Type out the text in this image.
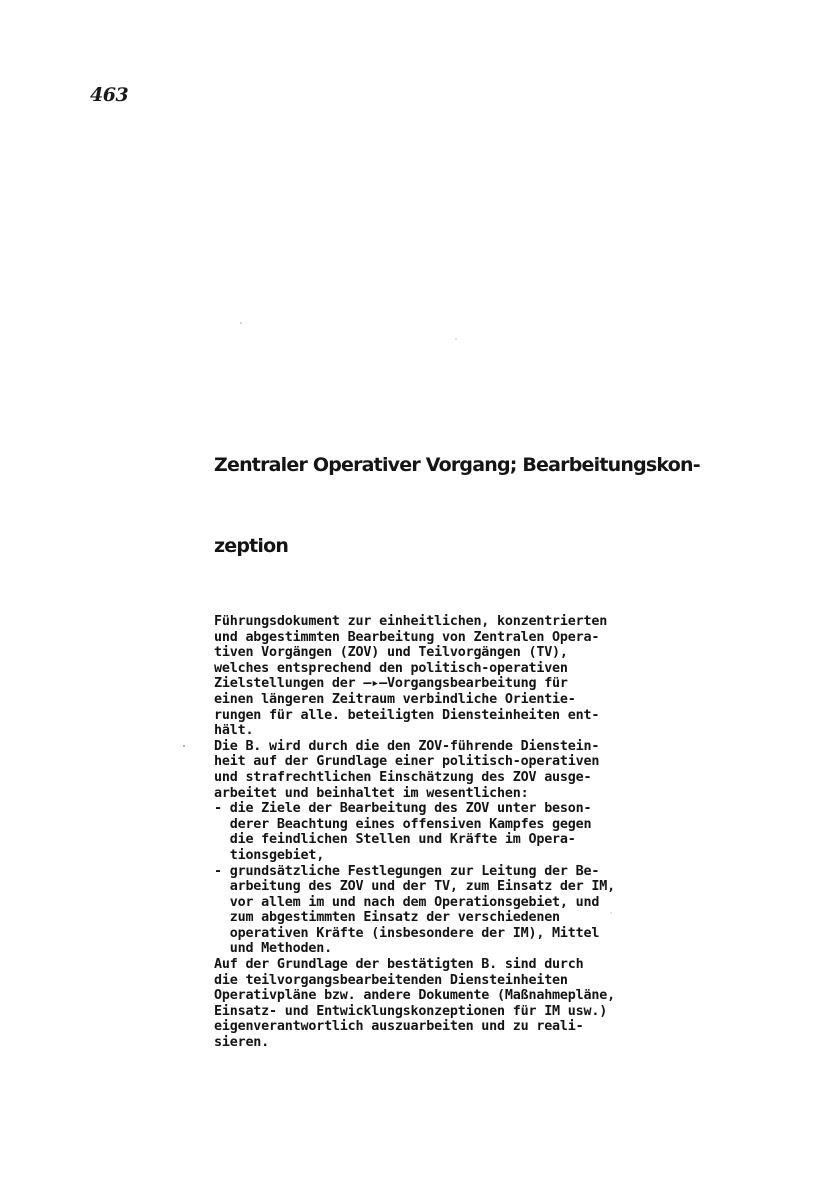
463

Zentraler Operativer Vorgang; Bearbeitungskon-

zeption

Führungsdokument zur einheitlichen, konzentrierten
und abgestimmten Bearbeitung von Zentralen Opera-
tiven Vorgängen (ZOV) und Teilvorgängen (TV),
welches entsprechend den politisch-operativen
Zielstellungen der —▸—Vorgangsbearbeitung für
einen längeren Zeitraum verbindliche Orientie-
rungen für alle. beteiligten Diensteinheiten ent-
hält.
Die B. wird durch die den ZOV-führende Dienstein-
heit auf der Grundlage einer politisch-operativen
und strafrechtlichen Einschätzung des ZOV ausge-
arbeitet und beinhaltet im wesentlichen:
- die Ziele der Bearbeitung des ZOV unter beson-
derer Beachtung eines offensiven Kampfes gegen
die feindlichen Stellen und Kräfte im Opera-
tionsgebiet,
- grundsätzliche Festlegungen zur Leitung der Be-
arbeitung des ZOV und der TV, zum Einsatz der IM,
vor allem im und nach dem Operationsgebiet, und
zum abgestimmten Einsatz der verschiedenen
operativen Kräfte (insbesondere der IM), Mittel
und Methoden.
Auf der Grundlage der bestätigten B. sind durch
die teilvorgangsbearbeitenden Diensteinheiten
Operativpläne bzw. andere Dokumente (Maßnahmepläne,
Einsatz- und Entwicklungskonzeptionen für IM usw.)
eigenverantwortlich auszuarbeiten und zu reali-
sieren.
